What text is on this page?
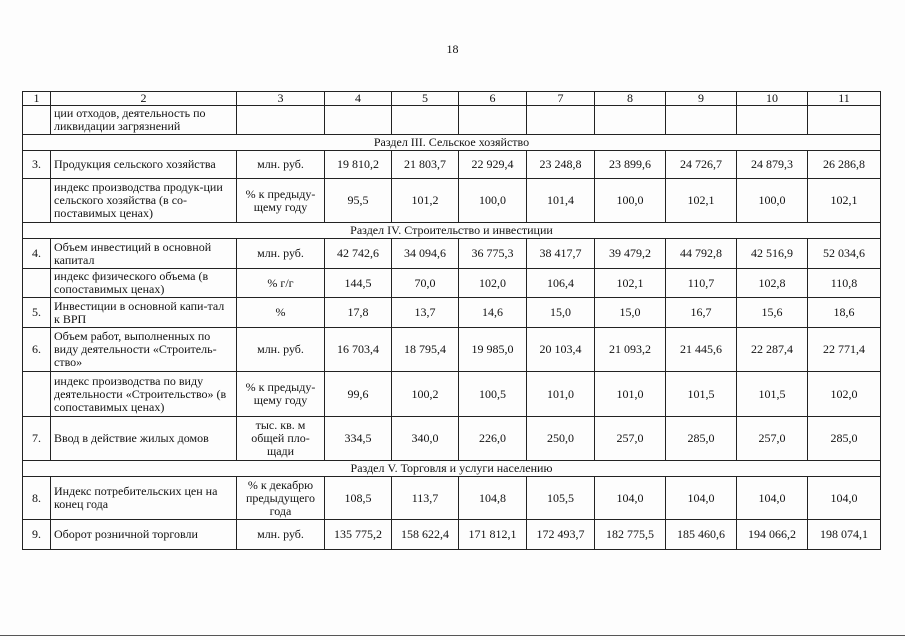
18
1	2	3	4	5	6	7	8	9	10	11
	ции отходов, деятельность по ликвидации загрязнений									
Раздел III. Сельское хозяйство										
3.	Продукция сельского хозяйства	млн. руб.	19 810,2	21 803,7	22 929,4	23 248,8	23 899,6	24 726,7	24 879,3	26 286,8
	индекс производства продук-ции сельского хозяйства (в со-поставимых ценах)	% к предыду-щему году	95,5	101,2	100,0	101,4	100,0	102,1	100,0	102,1
Раздел IV. Строительство и инвестиции										
4.	Объем инвестиций в основной капитал	млн. руб.	42 742,6	34 094,6	36 775,3	38 417,7	39 479,2	44 792,8	42 516,9	52 034,6
	индекс физического объема (в сопоставимых ценах)	% г/г	144,5	70,0	102,0	106,4	102,1	110,7	102,8	110,8
5.	Инвестиции в основной капи-тал к ВРП	%	17,8	13,7	14,6	15,0	15,0	16,7	15,6	18,6
6.	Объем работ, выполненных по виду деятельности «Строитель-ство»	млн. руб.	16 703,4	18 795,4	19 985,0	20 103,4	21 093,2	21 445,6	22 287,4	22 771,4
	индекс производства по виду деятельности «Строительство» (в сопоставимых ценах)	% к предыду-щему году	99,6	100,2	100,5	101,0	101,0	101,5	101,5	102,0
7.	Ввод в действие жилых домов	тыс. кв. м общей пло-щади	334,5	340,0	226,0	250,0	257,0	285,0	257,0	285,0
Раздел V. Торговля и услуги населению										
8.	Индекс потребительских цен на конец года	% к декабрю предыдущего года	108,5	113,7	104,8	105,5	104,0	104,0	104,0	104,0
9.	Оборот розничной торговли	млн. руб.	135 775,2	158 622,4	171 812,1	172 493,7	182 775,5	185 460,6	194 066,2	198 074,1
